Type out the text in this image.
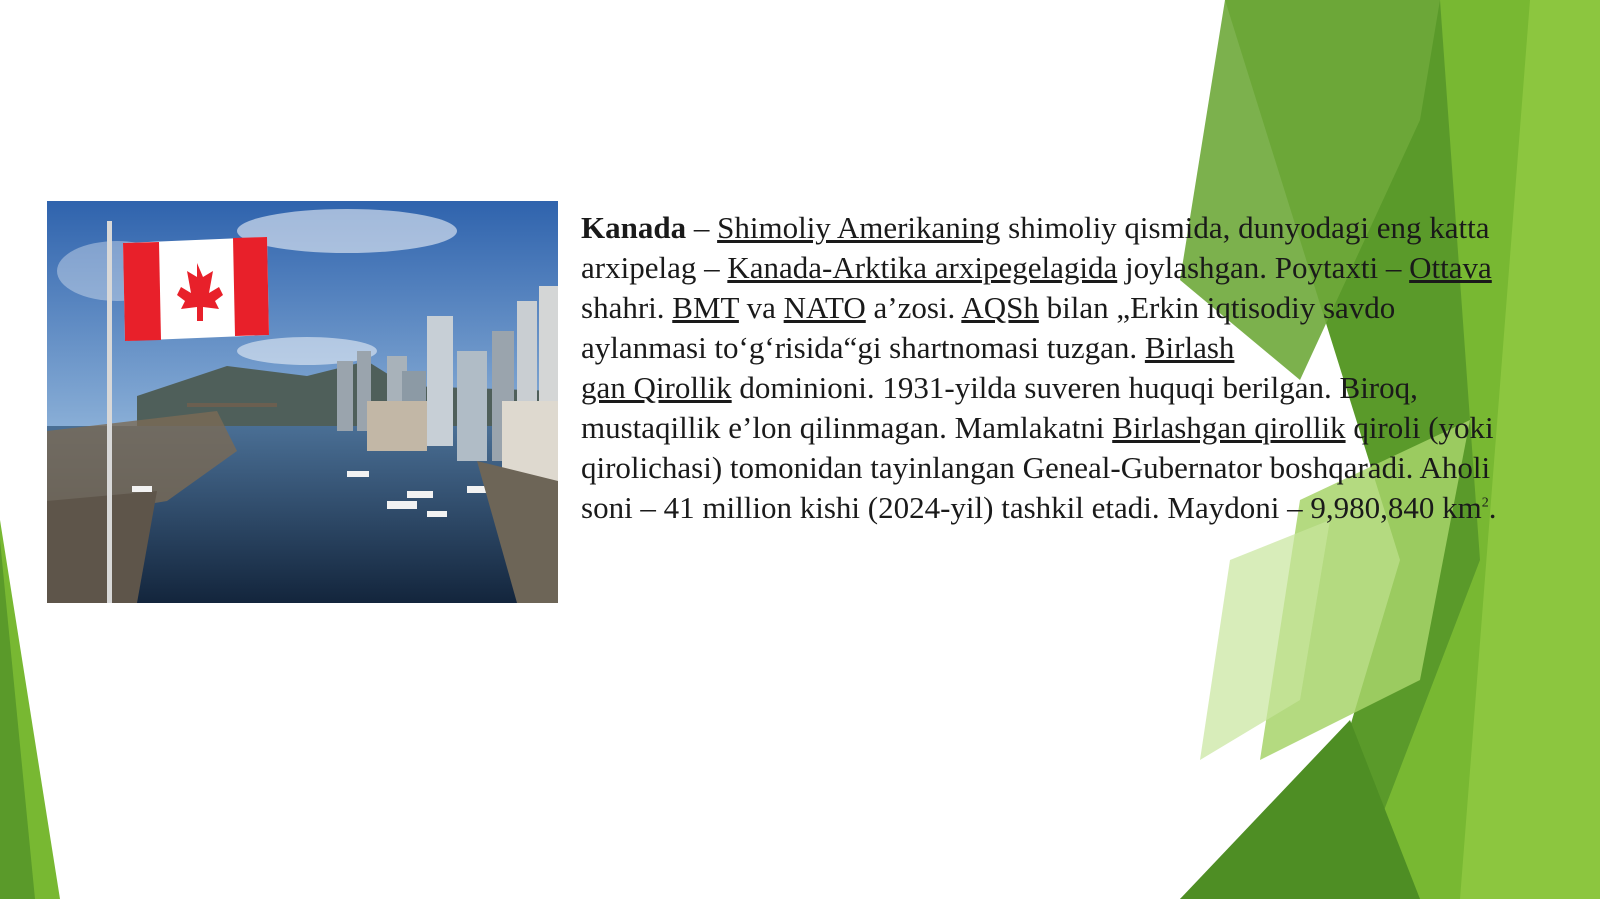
Kanada – Shimoliy Amerikaning shimoliy qismida, dunyodagi eng katta arxipelag – Kanada-Arktika arxipegelagida joylashgan. Poytaxti – Ottava shahri. BMT va NATO a’zosi. AQSh bilan „Erkin iqtisodiy savdo aylanmasi to‘g‘risida“gi shartnomasi tuzgan. Birlash
gan Qirollik dominioni. 1931-yilda suveren huquqi berilgan. Biroq, mustaqillik e’lon qilinmagan. Mamlakatni Birlashgan qirollik qiroli (yoki qirolichasi) tomonidan tayinlangan Geneal-Gubernator boshqaradi. Aholi soni – 41 million kishi (2024-yil) tashkil etadi. Maydoni – 9,980,840 $km^2$.
